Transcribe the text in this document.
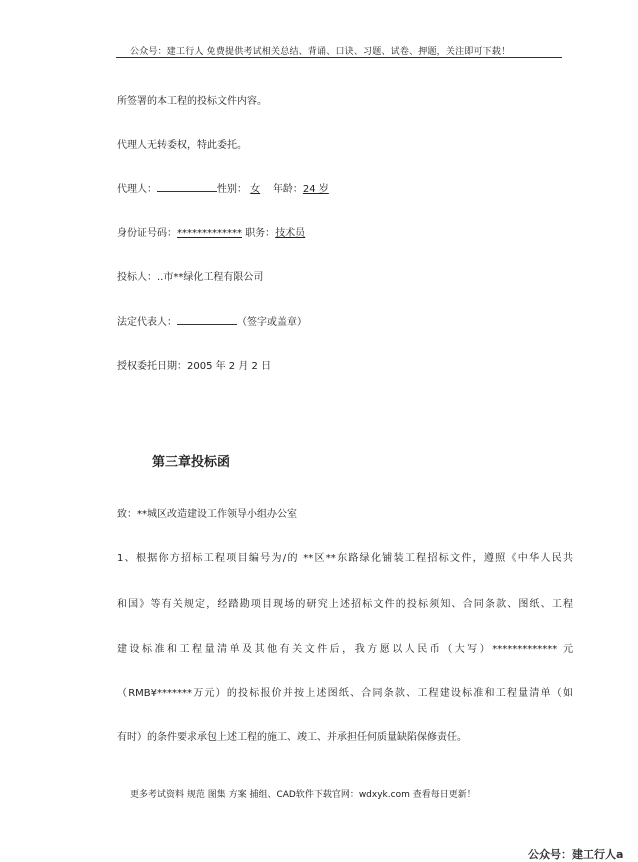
公众号：建工行人 免费提供考试相关总结、背诵、口诀、习题、试卷、押题，关注即可下载！
所签署的本工程的投标文件内容。
代理人无转委权，特此委托。
代理人：	性别： 女 年龄：24 岁
身份证号码：************* 职务：技术员
投标人：..市**绿化工程有限公司
法定代表人：	（签字或盖章）
授权委托日期：2005 年 2 月 2 日
第三章投标函
致：**城区改造建设工作领导小组办公室
1、根据你方招标工程项目编号为/的 **区**东路绿化铺装工程招标文件，遵照《中华人民共
和国》等有关规定，经踏勘项目现场的研究上述招标文件的投标须知、合同条款、图纸、工程
建设标准和工程量清单及其他有关文件后，我方愿以人民币（大写）************* 元
（RMB¥*******万元）的投标报价并按上述图纸、合同条款、工程建设标准和工程量清单（如
有时）的条件要求承包上述工程的施工、竣工、并承担任何质量缺陷保修责任。
更多考试资料 规范 图集 方案 捕组、CAD软件下载官网：wdxyk.com 查看每日更新！
公众号：建工行人a
